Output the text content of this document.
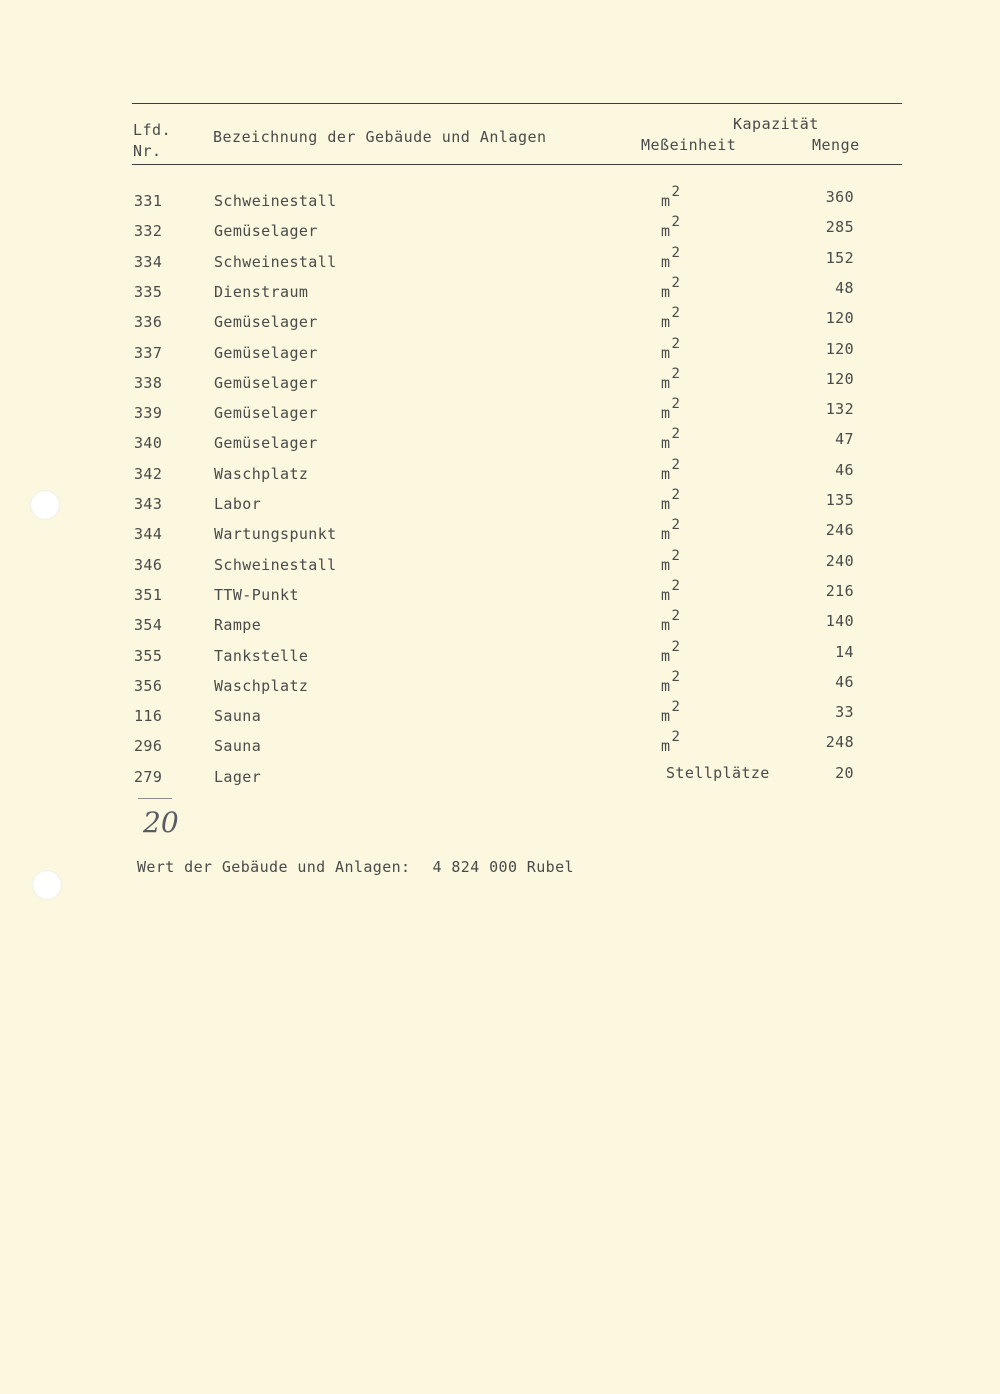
Lfd.
Nr.
Bezeichnung der Gebäude und Anlagen
Kapazität
Meßeinheit	Menge
331	Schweinestall	$m^2$	360
332	Gemüselager	$m^2$	285
334	Schweinestall	$m^2$	152
335	Dienstraum	$m^2$	48
336	Gemüselager	$m^2$	120
337	Gemüselager	$m^2$	120
338	Gemüselager	$m^2$	120
339	Gemüselager	$m^2$	132
340	Gemüselager	$m^2$	47
342	Waschplatz	$m^2$	46
343	Labor	$m^2$	135
344	Wartungspunkt	$m^2$	246
346	Schweinestall	$m^2$	240
351	TTW-Punkt	$m^2$	216
354	Rampe	$m^2$	140
355	Tankstelle	$m^2$	14
356	Waschplatz	$m^2$	46
116	Sauna	$m^2$	33
296	Sauna	$m^2$	248
279	Lager	Stellplätze	20
20
Wert der Gebäude und Anlagen: 4 824 000 Rubel
